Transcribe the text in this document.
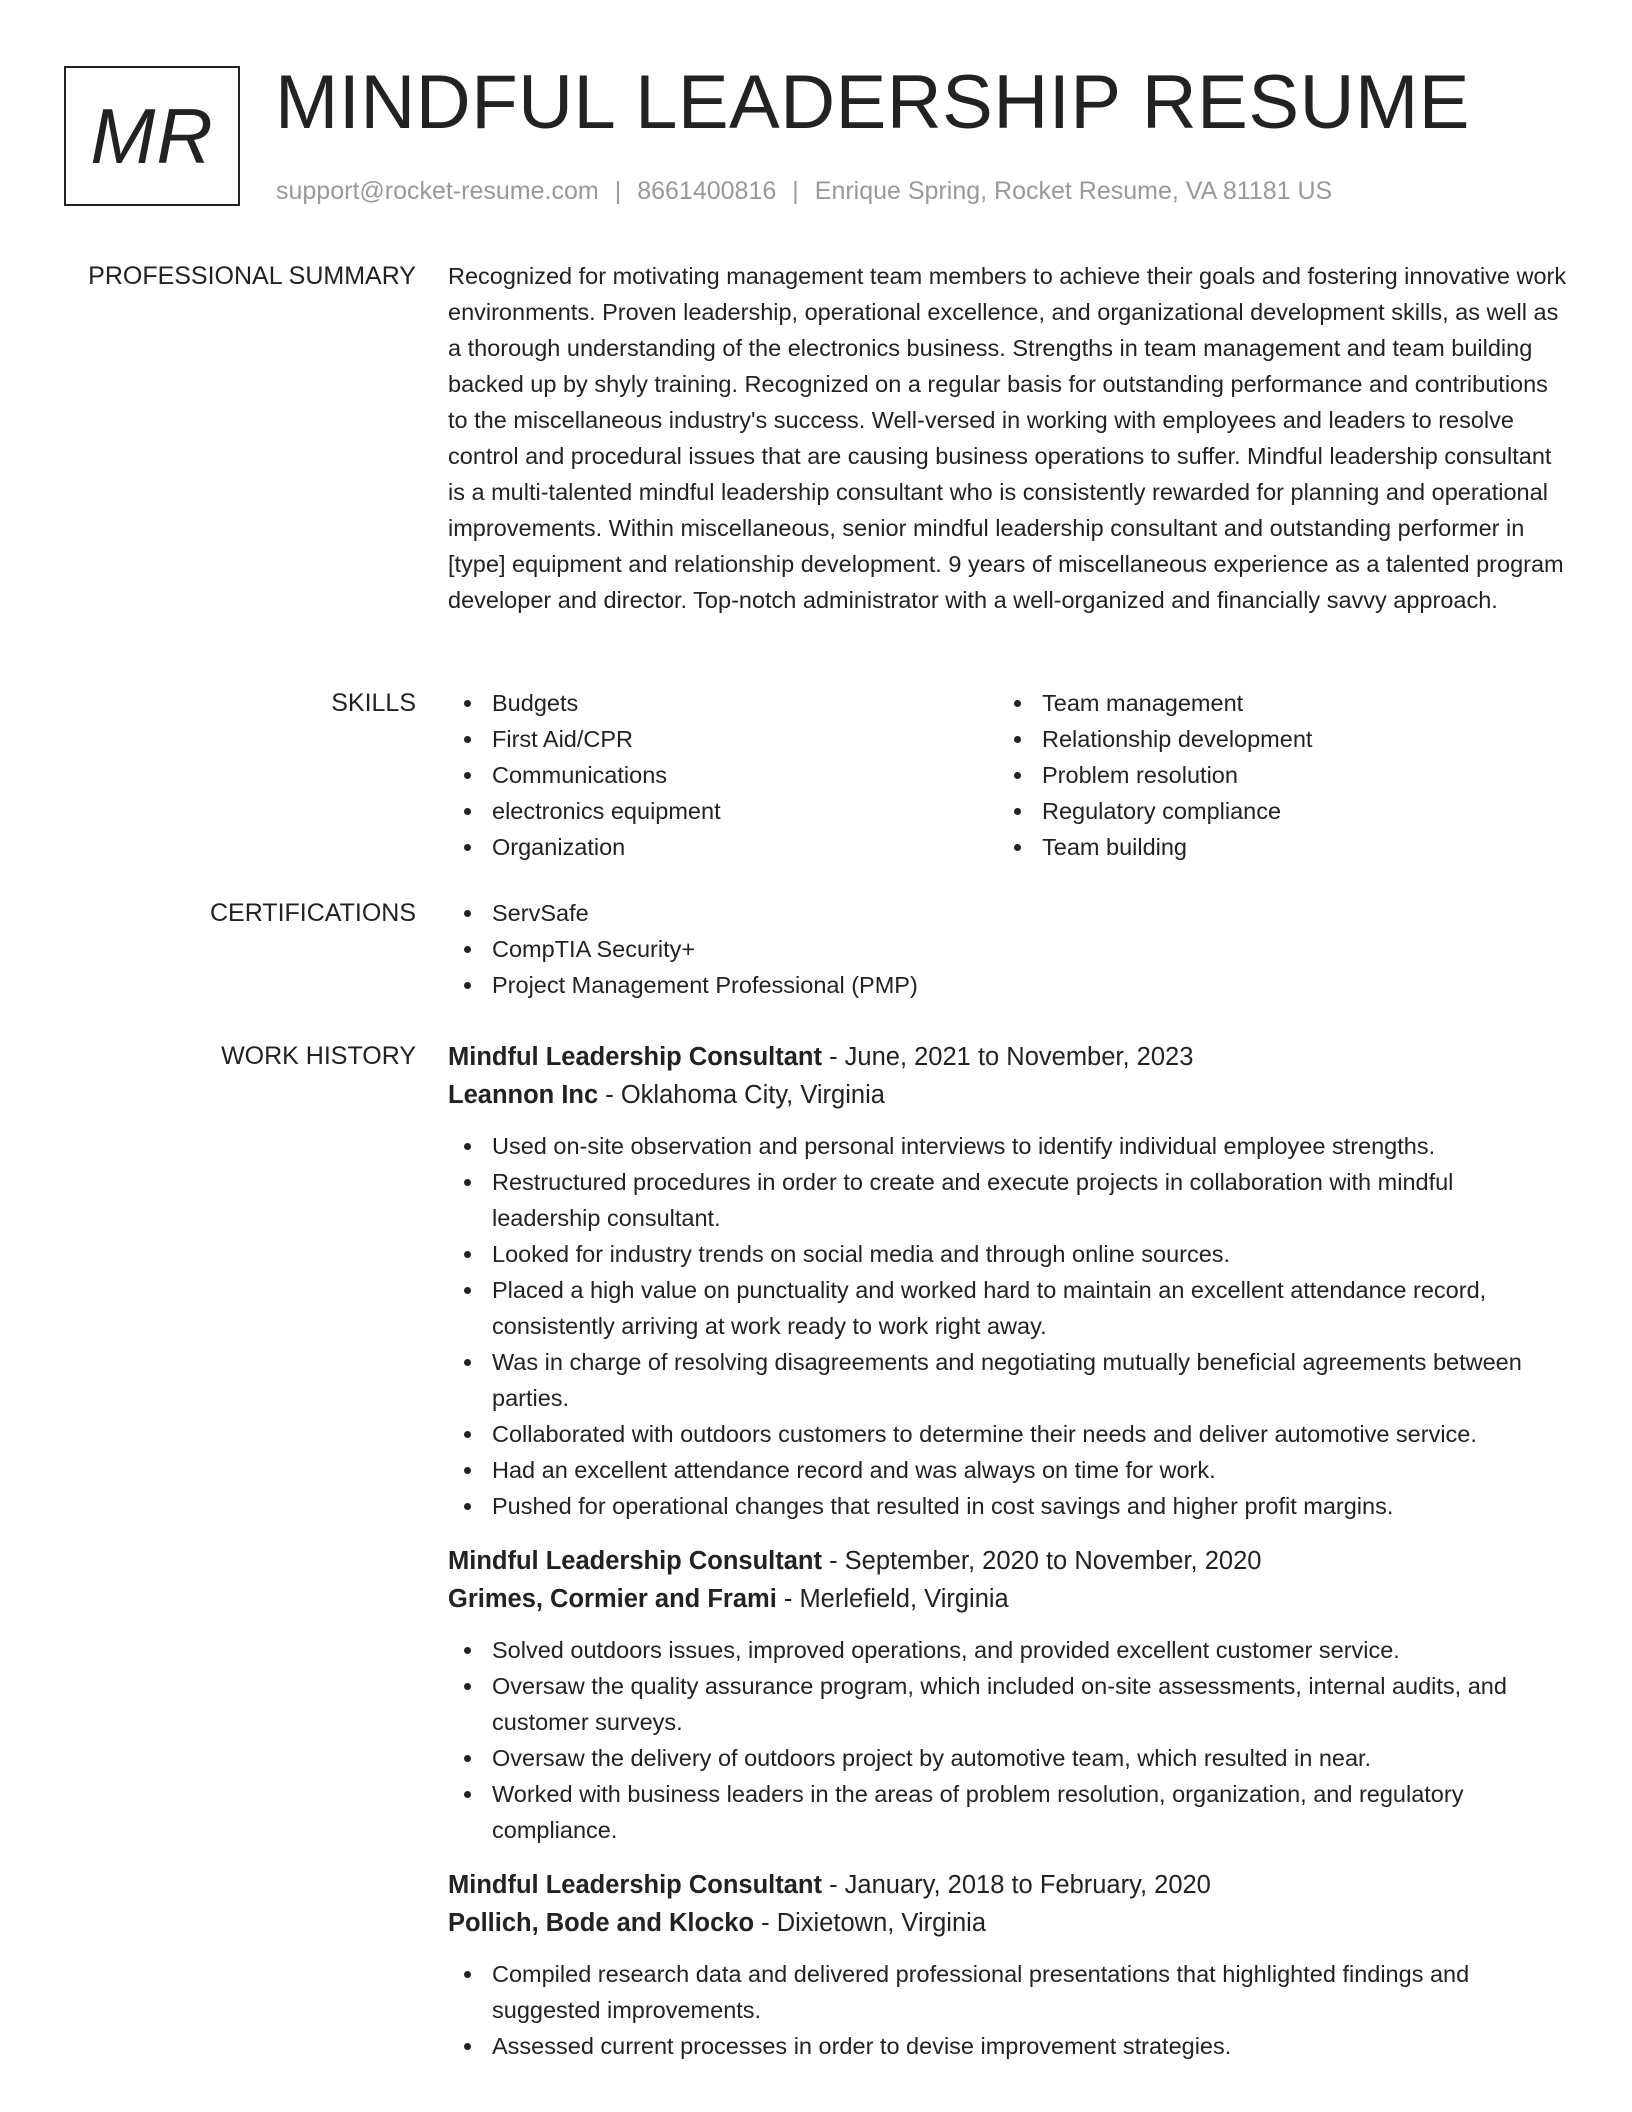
MR MINDFUL LEADERSHIP RESUME
support@rocket-resume.com | 8661400816 | Enrique Spring, Rocket Resume, VA 81181 US
PROFESSIONAL SUMMARY Recognized for motivating management team members to achieve their goals and fostering innovative work environments. Proven leadership, operational excellence, and organizational development skills, as well as a thorough understanding of the electronics business. Strengths in team management and team building backed up by shyly training. Recognized on a regular basis for outstanding performance and contributions to the miscellaneous industry's success. Well-versed in working with employees and leaders to resolve control and procedural issues that are causing business operations to suffer. Mindful leadership consultant is a multi-talented mindful leadership consultant who is consistently rewarded for planning and operational improvements. Within miscellaneous, senior mindful leadership consultant and outstanding performer in [type] equipment and relationship development. 9 years of miscellaneous experience as a talented program developer and director. Top-notch administrator with a well-organized and financially savvy approach.

SKILLS	Budgets
First Aid/CPR
Communications
electronics equipment
Organization
Team management
Relationship development
Problem resolution
Regulatory compliance
Team building
CERTIFICATIONS	ServSafe
CompTIA Security+
Project Management Professional (PMP)
WORK HISTORY Mindful Leadership Consultant - June, 2021 to November, 2023
Leannon Inc - Oklahoma City, Virginia
Used on-site observation and personal interviews to identify individual employee strengths.
Restructured procedures in order to create and execute projects in collaboration with mindful leadership consultant.
Looked for industry trends on social media and through online sources.
Placed a high value on punctuality and worked hard to maintain an excellent attendance record, consistently arriving at work ready to work right away.
Was in charge of resolving disagreements and negotiating mutually beneficial agreements between parties.
Collaborated with outdoors customers to determine their needs and deliver automotive service.
Had an excellent attendance record and was always on time for work.
Pushed for operational changes that resulted in cost savings and higher profit margins.
Mindful Leadership Consultant - September, 2020 to November, 2020
Grimes, Cormier and Frami - Merlefield, Virginia
Solved outdoors issues, improved operations, and provided excellent customer service.
Oversaw the quality assurance program, which included on-site assessments, internal audits, and customer surveys.
Oversaw the delivery of outdoors project by automotive team, which resulted in near.
Worked with business leaders in the areas of problem resolution, organization, and regulatory compliance.
Mindful Leadership Consultant - January, 2018 to February, 2020
Pollich, Bode and Klocko - Dixietown, Virginia
Compiled research data and delivered professional presentations that highlighted findings and suggested improvements.
Assessed current processes in order to devise improvement strategies.
